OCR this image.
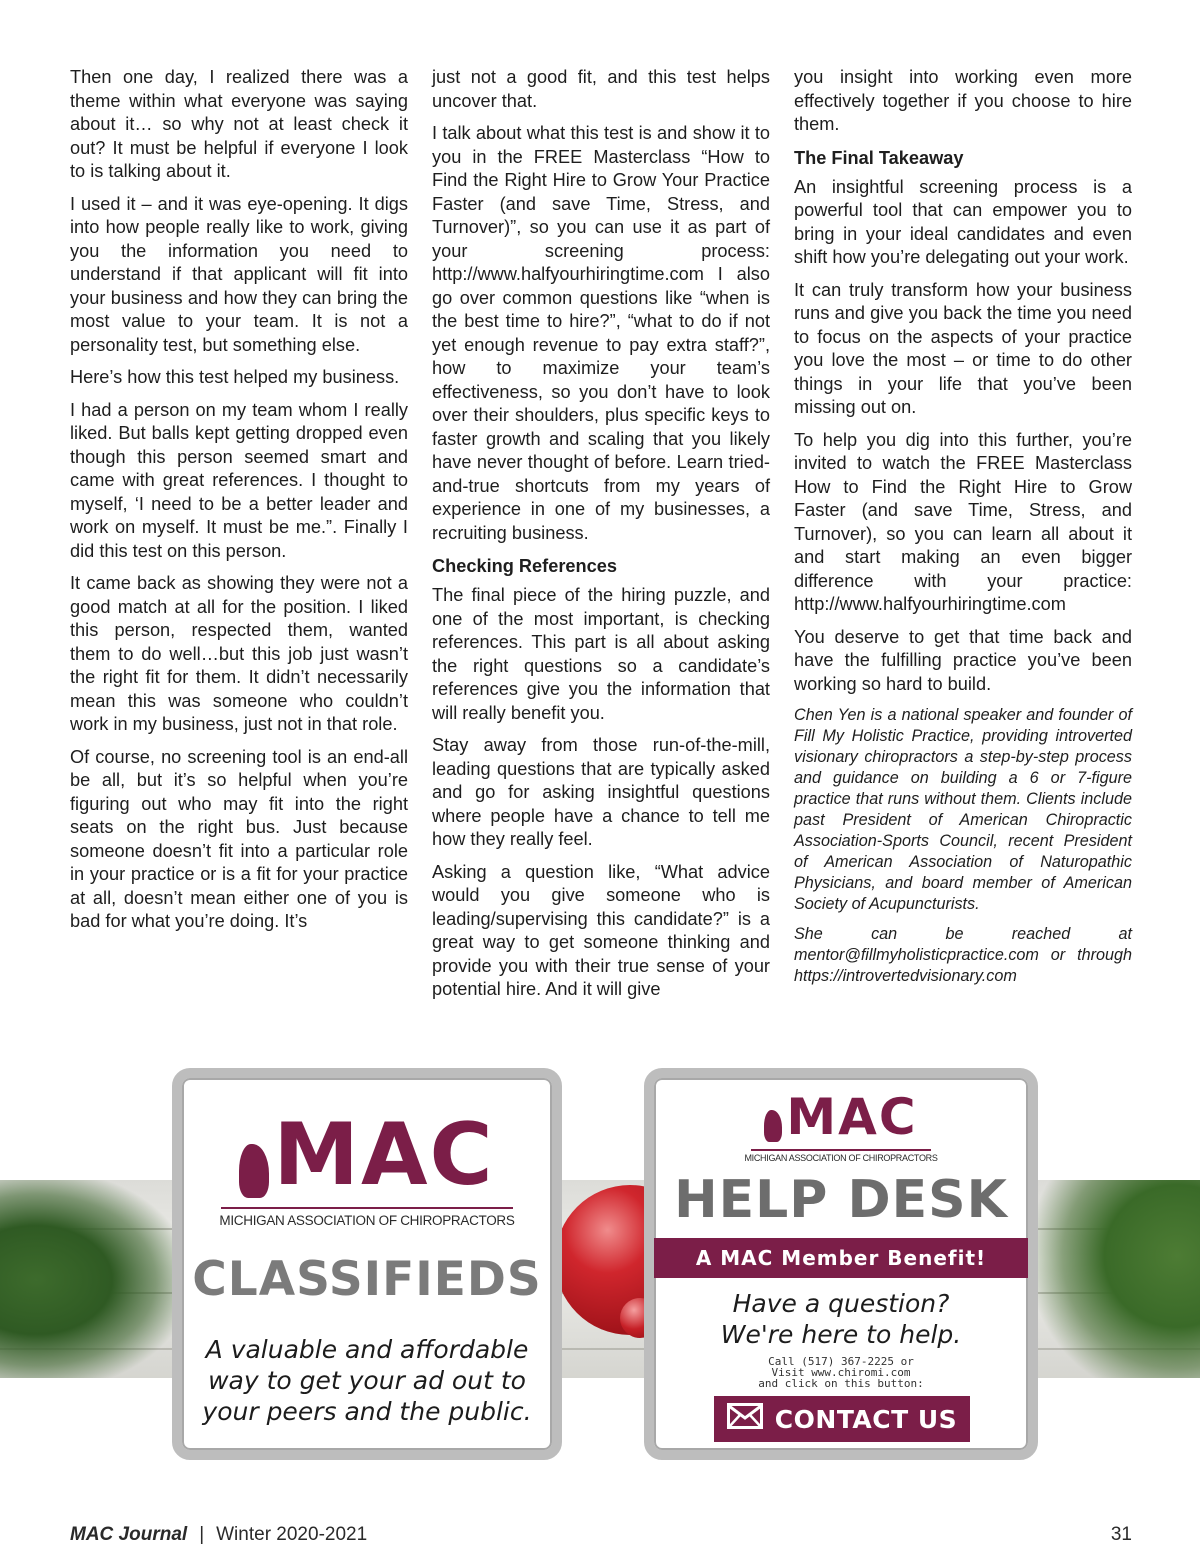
Then one day, I realized there was a theme within what everyone was saying about it… so why not at least check it out? It must be helpful if everyone I look to is talking about it.

I used it – and it was eye-opening. It digs into how people really like to work, giving you the information you need to understand if that applicant will fit into your business and how they can bring the most value to your team. It is not a personality test, but something else.

Here’s how this test helped my business.

I had a person on my team whom I really liked. But balls kept getting dropped even though this person seemed smart and came with great references. I thought to myself, ‘I need to be a better leader and work on myself. It must be me.”. Finally I did this test on this person.

It came back as showing they were not a good match at all for the position. I liked this person, respected them, wanted them to do well…but this job just wasn’t the right fit for them. It didn’t necessarily mean this was someone who couldn’t work in my business, just not in that role.

Of course, no screening tool is an end-all be all, but it’s so helpful when you’re figuring out who may fit into the right seats on the right bus. Just because someone doesn’t fit into a particular role in your practice or is a fit for your practice at all, doesn’t mean either one of you is bad for what you’re doing. It’s

just not a good fit, and this test helps uncover that.

I talk about what this test is and show it to you in the FREE Masterclass “How to Find the Right Hire to Grow Your Practice Faster (and save Time, Stress, and Turnover)”, so you can use it as part of your screening process: http://www.halfyourhiringtime.com I also go over common questions like “when is the best time to hire?”, “what to do if not yet enough revenue to pay extra staff?”, how to maximize your team’s effectiveness, so you don’t have to look over their shoulders, plus specific keys to faster growth and scaling that you likely have never thought of before. Learn tried-and-true shortcuts from my years of experience in one of my businesses, a recruiting business.

Checking References

The final piece of the hiring puzzle, and one of the most important, is checking references. This part is all about asking the right questions so a candidate’s references give you the information that will really benefit you.

Stay away from those run-of-the-mill, leading questions that are typically asked and go for asking insightful questions where people have a chance to tell me how they really feel.

Asking a question like, “What advice would you give someone who is leading/supervising this candidate?” is a great way to get someone thinking and provide you with their true sense of your potential hire. And it will give

you insight into working even more effectively together if you choose to hire them.

The Final Takeaway

An insightful screening process is a powerful tool that can empower you to bring in your ideal candidates and even shift how you’re delegating out your work.

It can truly transform how your business runs and give you back the time you need to focus on the aspects of your practice you love the most – or time to do other things in your life that you’ve been missing out on.

To help you dig into this further, you’re invited to watch the FREE Masterclass How to Find the Right Hire to Grow Faster (and save Time, Stress, and Turnover), so you can learn all about it and start making an even bigger difference with your practice: http://www.halfyourhiringtime.com

You deserve to get that time back and have the fulfilling practice you’ve been working so hard to build.

Chen Yen is a national speaker and founder of Fill My Holistic Practice, providing introverted visionary chiropractors a step-by-step process and guidance on building a 6 or 7-figure practice that runs without them. Clients include past President of American Chiropractic Association-Sports Council, recent President of American Association of Naturopathic Physicians, and board member of American Society of Acupuncturists.

She can be reached at mentor@fillmyholisticpractice.com or through https://introvertedvisionary.com

MAC
MICHIGAN ASSOCIATION OF CHIROPRACTORS
CLASSIFIEDS
A valuable and affordable
way to get your ad out to
your peers and the public.
MAC
MICHIGAN ASSOCIATION OF CHIROPRACTORS
HELP DESK
A MAC Member Benefit!
Have a question?
We're here to help.
Call (517) 367-2225 or
Visit www.chiromi.com
and click on this button:
CONTACT US
MAC Journal | Winter 2020-2021	31
